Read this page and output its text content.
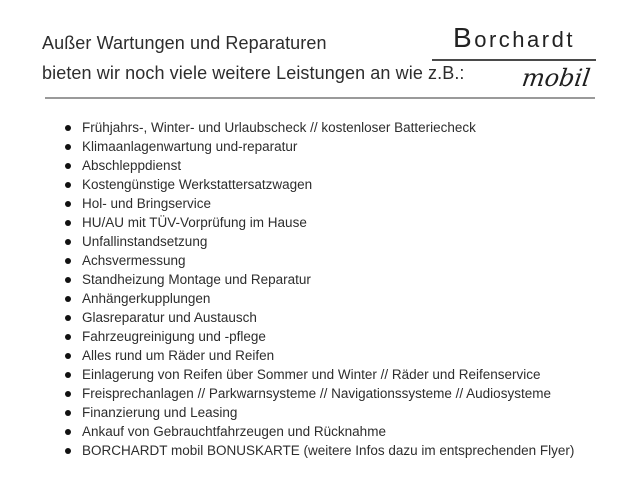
Außer Wartungen und Reparaturen
bieten wir noch viele weitere Leistungen an wie z.B.:
Borchardt
mobil
Frühjahrs-, Winter- und Urlaubscheck // kostenloser Batteriecheck
Klimaanlagenwartung und-reparatur
Abschleppdienst
Kostengünstige Werkstattersatzwagen
Hol- und Bringservice
HU/AU mit TÜV-Vorprüfung im Hause
Unfallinstandsetzung
Achsvermessung
Standheizung Montage und Reparatur
Anhängerkupplungen
Glasreparatur und Austausch
Fahrzeugreinigung und -pflege
Alles rund um Räder und Reifen
Einlagerung von Reifen über Sommer und Winter // Räder und Reifenservice
Freisprechanlagen // Parkwarnsysteme // Navigationssysteme // Audiosysteme
Finanzierung und Leasing
Ankauf von Gebrauchtfahrzeugen und Rücknahme
BORCHARDT mobil BONUSKARTE (weitere Infos dazu im entsprechenden Flyer)
